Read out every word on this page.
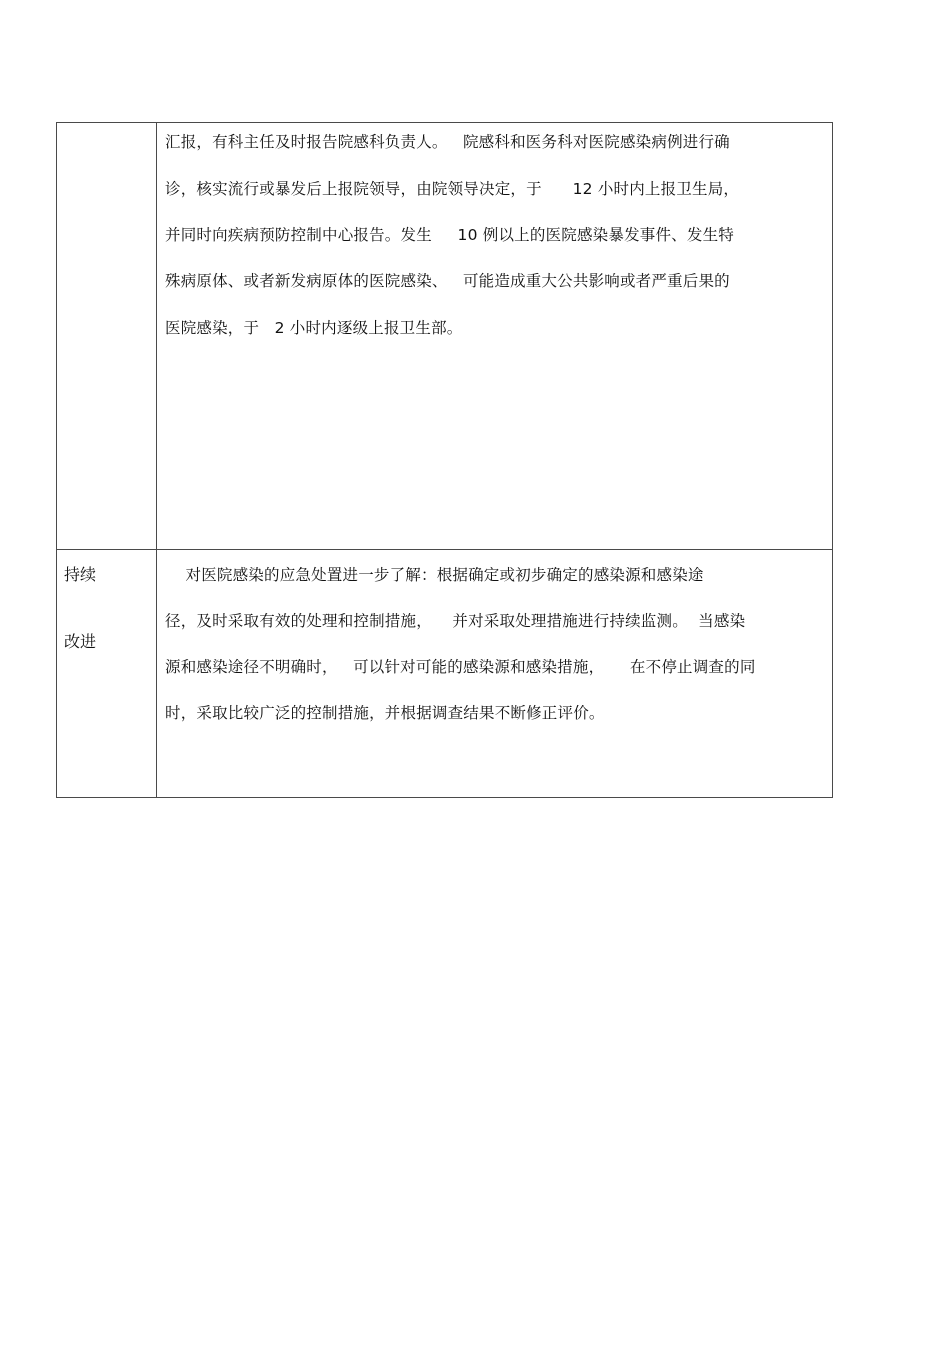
汇报，有科主任及时报告院感科负责人。   院感科和医务科对医院感染病例进行确
诊，核实流行或暴发后上报院领导，由院领导决定，于      12 小时内上报卫生局，
并同时向疾病预防控制中心报告。发生     10 例以上的医院感染暴发事件、发生特
殊病原体、或者新发病原体的医院感染、   可能造成重大公共影响或者严重后果的
医院感染，于   2 小时内逐级上报卫生部。
持续
改进
对医院感染的应急处置进一步了解：根据确定或初步确定的感染源和感染途
径，及时采取有效的处理和控制措施，    并对采取处理措施进行持续监测。  当感染
源和感染途径不明确时，   可以针对可能的感染源和感染措施，     在不停止调查的同
时，采取比较广泛的控制措施，并根据调查结果不断修正评价。
